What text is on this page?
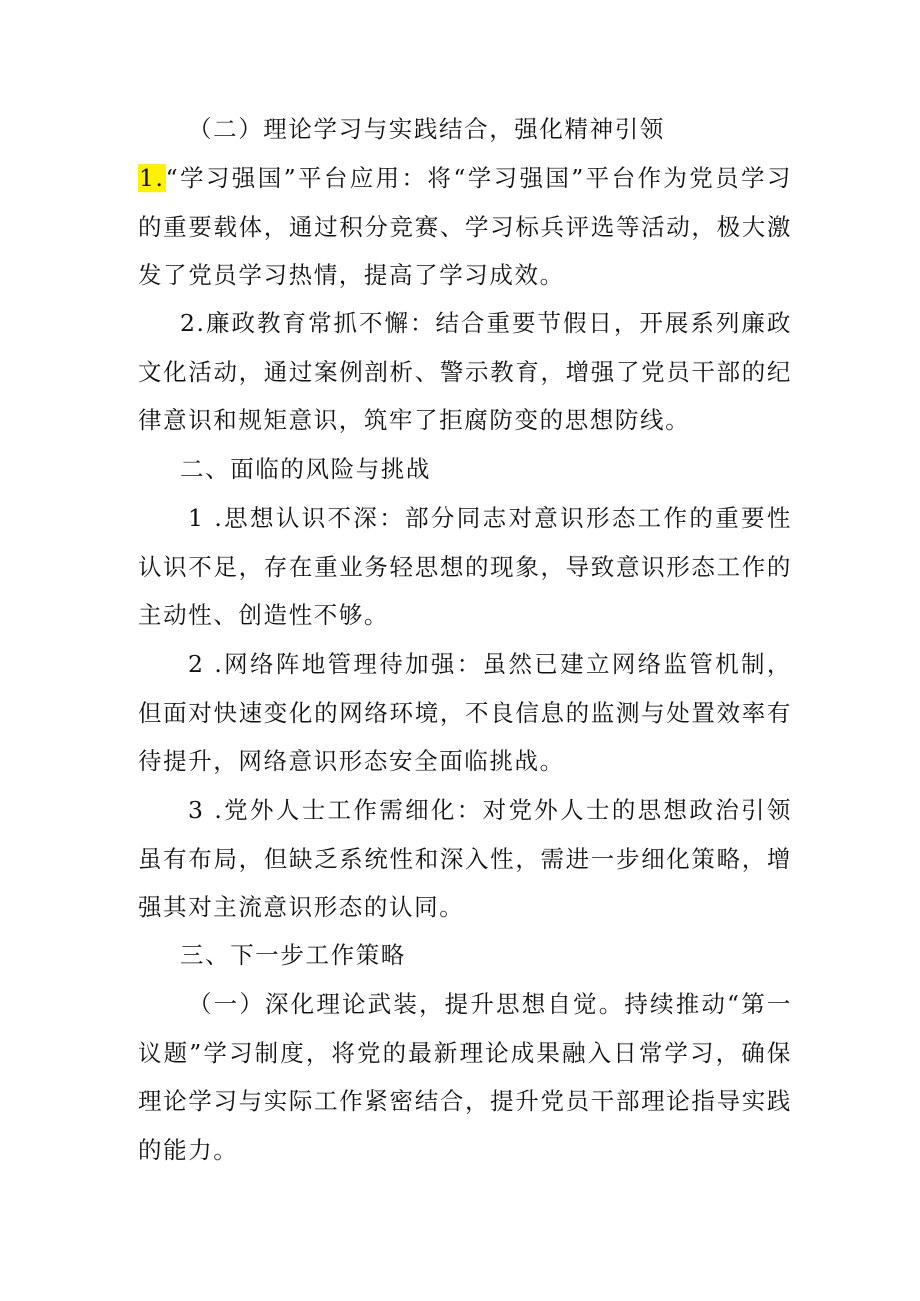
（二）理论学习与实践结合，强化精神引领

1.“学习强国”平台应用：将“学习强国”平台作为党员学习的重要载体，通过积分竞赛、学习标兵评选等活动，极大激发了党员学习热情，提高了学习成效。

2.廉政教育常抓不懈：结合重要节假日，开展系列廉政文化活动，通过案例剖析、警示教育，增强了党员干部的纪律意识和规矩意识，筑牢了拒腐防变的思想防线。

二、面临的风险与挑战

1 .思想认识不深：部分同志对意识形态工作的重要性认识不足，存在重业务轻思想的现象，导致意识形态工作的主动性、创造性不够。

2 .网络阵地管理待加强：虽然已建立网络监管机制，但面对快速变化的网络环境，不良信息的监测与处置效率有待提升，网络意识形态安全面临挑战。

3 .党外人士工作需细化：对党外人士的思想政治引领虽有布局，但缺乏系统性和深入性，需进一步细化策略，增强其对主流意识形态的认同。

三、下一步工作策略

（一）深化理论武装，提升思想自觉。持续推动“第一议题”学习制度，将党的最新理论成果融入日常学习，确保理论学习与实际工作紧密结合，提升党员干部理论指导实践的能力。
